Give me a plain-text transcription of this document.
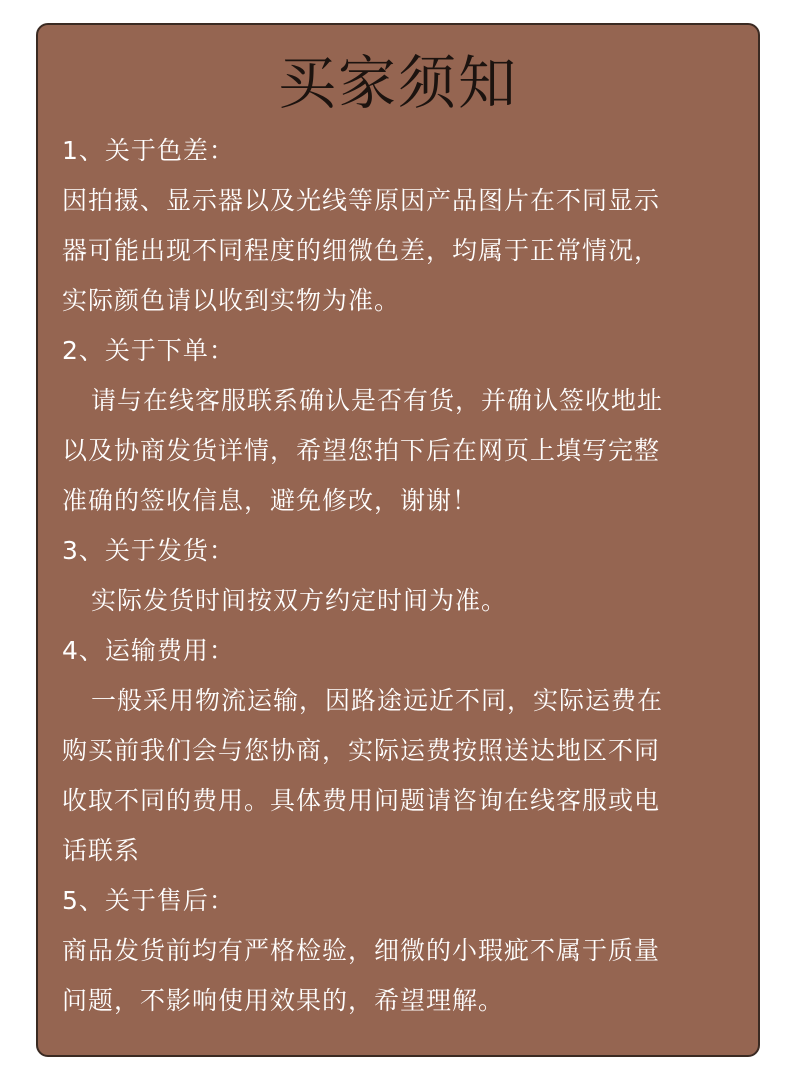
买家须知
1、关于色差：
因拍摄、显示器以及光线等原因产品图片在不同显示
器可能出现不同程度的细微色差，均属于正常情况，
实际颜色请以收到实物为准。
2、关于下单：
请与在线客服联系确认是否有货，并确认签收地址
以及协商发货详情，希望您拍下后在网页上填写完整
准确的签收信息，避免修改，谢谢！
3、关于发货：
实际发货时间按双方约定时间为准。
4、运输费用：
一般采用物流运输，因路途远近不同，实际运费在
购买前我们会与您协商，实际运费按照送达地区不同
收取不同的费用。具体费用问题请咨询在线客服或电
话联系
5、关于售后：
商品发货前均有严格检验，细微的小瑕疵不属于质量
问题，不影响使用效果的，希望理解。
